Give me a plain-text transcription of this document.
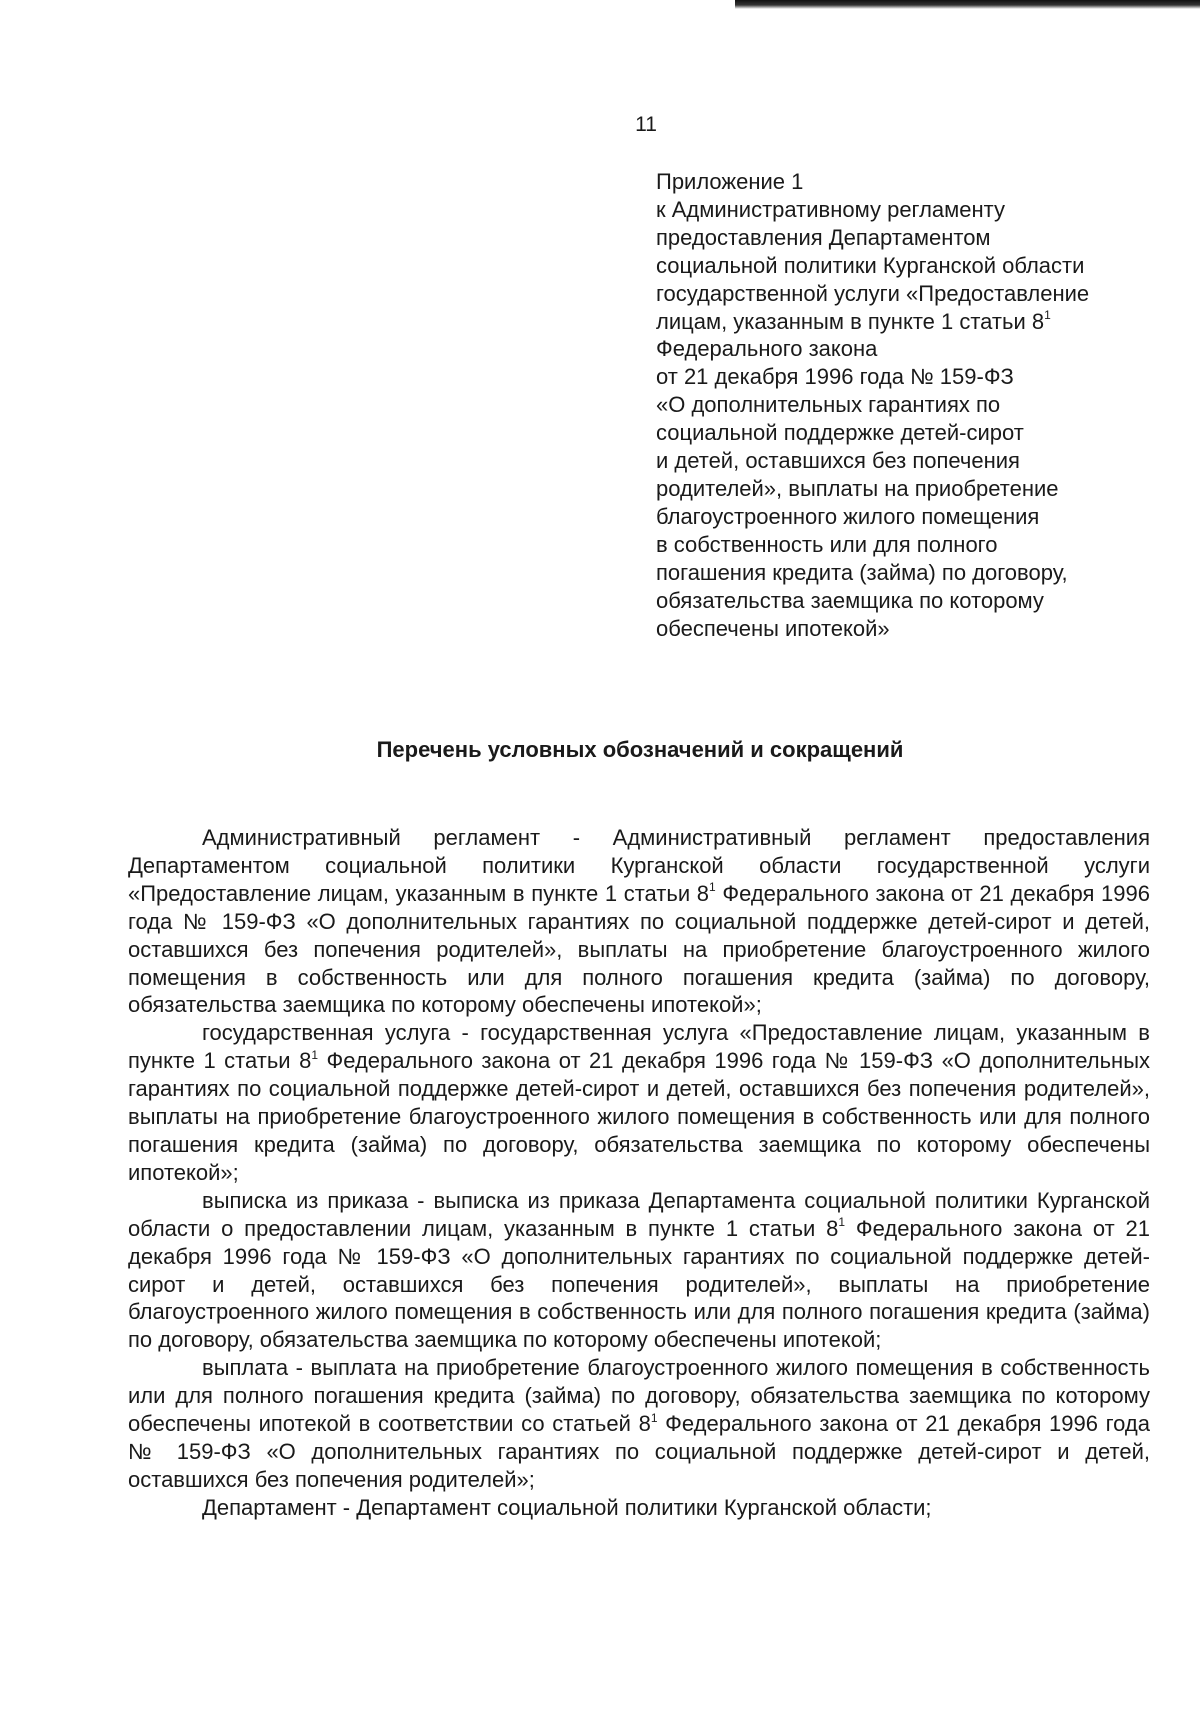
11
Приложение 1
к Административному регламенту
предоставления Департаментом
социальной политики Курганской области
государственной услуги «Предоставление
лицам, указанным в пункте 1 статьи $8^1$
Федерального закона
от 21 декабря 1996 года № 159-ФЗ
«О дополнительных гарантиях по
социальной поддержке детей-сирот
и детей, оставшихся без попечения
родителей», выплаты на приобретение
благоустроенного жилого помещения
в собственность или для полного
погашения кредита (займа) по договору,
обязательства заемщика по которому
обеспечены ипотекой»
Перечень условных обозначений и сокращений

Административный регламент - Административный регламент предоставления Департаментом социальной политики Курганской области государственной услуги «Предоставление лицам, указанным в пункте 1 статьи $8^1$ Федерального закона от 21 декабря 1996 года № 159-ФЗ «О дополнительных гарантиях по социальной поддержке детей-сирот и детей, оставшихся без попечения родителей», выплаты на приобретение благоустроенного жилого помещения в собственность или для полного погашения кредита (займа) по договору, обязательства заемщика по которому обеспечены ипотекой»;

государственная услуга - государственная услуга «Предоставление лицам, указанным в пункте 1 статьи $8^1$ Федерального закона от 21 декабря 1996 года № 159-ФЗ «О дополнительных гарантиях по социальной поддержке детей-сирот и детей, оставшихся без попечения родителей», выплаты на приобретение благоустроенного жилого помещения в собственность или для полного погашения кредита (займа) по договору, обязательства заемщика по которому обеспечены ипотекой»;

выписка из приказа - выписка из приказа Департамента социальной политики Курганской области о предоставлении лицам, указанным в пункте 1 статьи $8^1$ Федерального закона от 21 декабря 1996 года № 159-ФЗ «О дополнительных гарантиях по социальной поддержке детей-сирот и детей, оставшихся без попечения родителей», выплаты на приобретение благоустроенного жилого помещения в собственность или для полного погашения кредита (займа) по договору, обязательства заемщика по которому обеспечены ипотекой;

выплата - выплата на приобретение благоустроенного жилого помещения в собственность или для полного погашения кредита (займа) по договору, обязательства заемщика по которому обеспечены ипотекой в соответствии со статьей $8^1$ Федерального закона от 21 декабря 1996 года № 159-ФЗ «О дополнительных гарантиях по социальной поддержке детей-сирот и детей, оставшихся без попечения родителей»;

Департамент - Департамент социальной политики Курганской области;
